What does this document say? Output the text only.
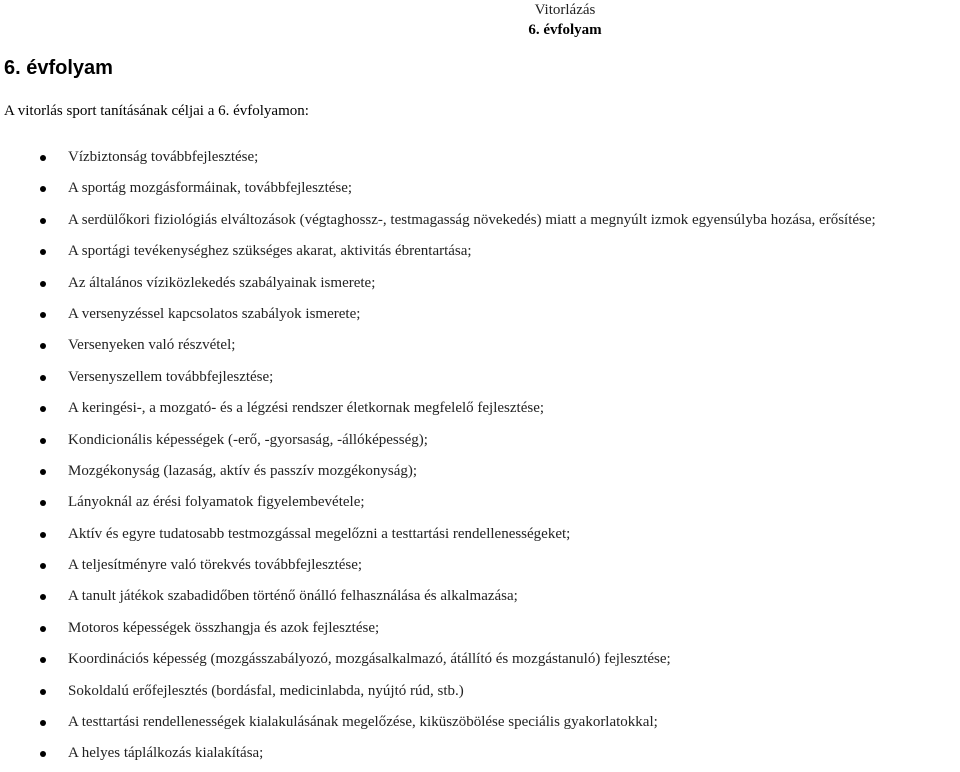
Vitorlázás
6. évfolyam
6. évfolyam

A vitorlás sport tanításának céljai a 6. évfolyamon:

Vízbiztonság továbbfejlesztése;
A sportág mozgásformáinak, továbbfejlesztése;
A serdülőkori fiziológiás elváltozások (végtaghossz-, testmagasság növekedés) miatt a megnyúlt izmok egyensúlyba hozása, erősítése;
A sportági tevékenységhez szükséges akarat, aktivitás ébrentartása;
Az általános víziközlekedés szabályainak ismerete;
A versenyzéssel kapcsolatos szabályok ismerete;
Versenyeken való részvétel;
Versenyszellem továbbfejlesztése;
A keringési-, a mozgató- és a légzési rendszer életkornak megfelelő fejlesztése;
Kondicionális képességek (-erő, -gyorsaság, -állóképesség);
Mozgékonyság (lazaság, aktív és passzív mozgékonyság);
Lányoknál az érési folyamatok figyelembevétele;
Aktív és egyre tudatosabb testmozgással megelőzni a testtartási rendellenességeket;
A teljesítményre való törekvés továbbfejlesztése;
A tanult játékok szabadidőben történő önálló felhasználása és alkalmazása;
Motoros képességek összhangja és azok fejlesztése;
Koordinációs képesség (mozgásszabályozó, mozgásalkalmazó, átállító és mozgástanuló) fejlesztése;
Sokoldalú erőfejlesztés (bordásfal, medicinlabda, nyújtó rúd, stb.)
A testtartási rendellenességek kialakulásának megelőzése, kiküszöbölése speciális gyakorlatokkal;
A helyes táplálkozás kialakítása;
